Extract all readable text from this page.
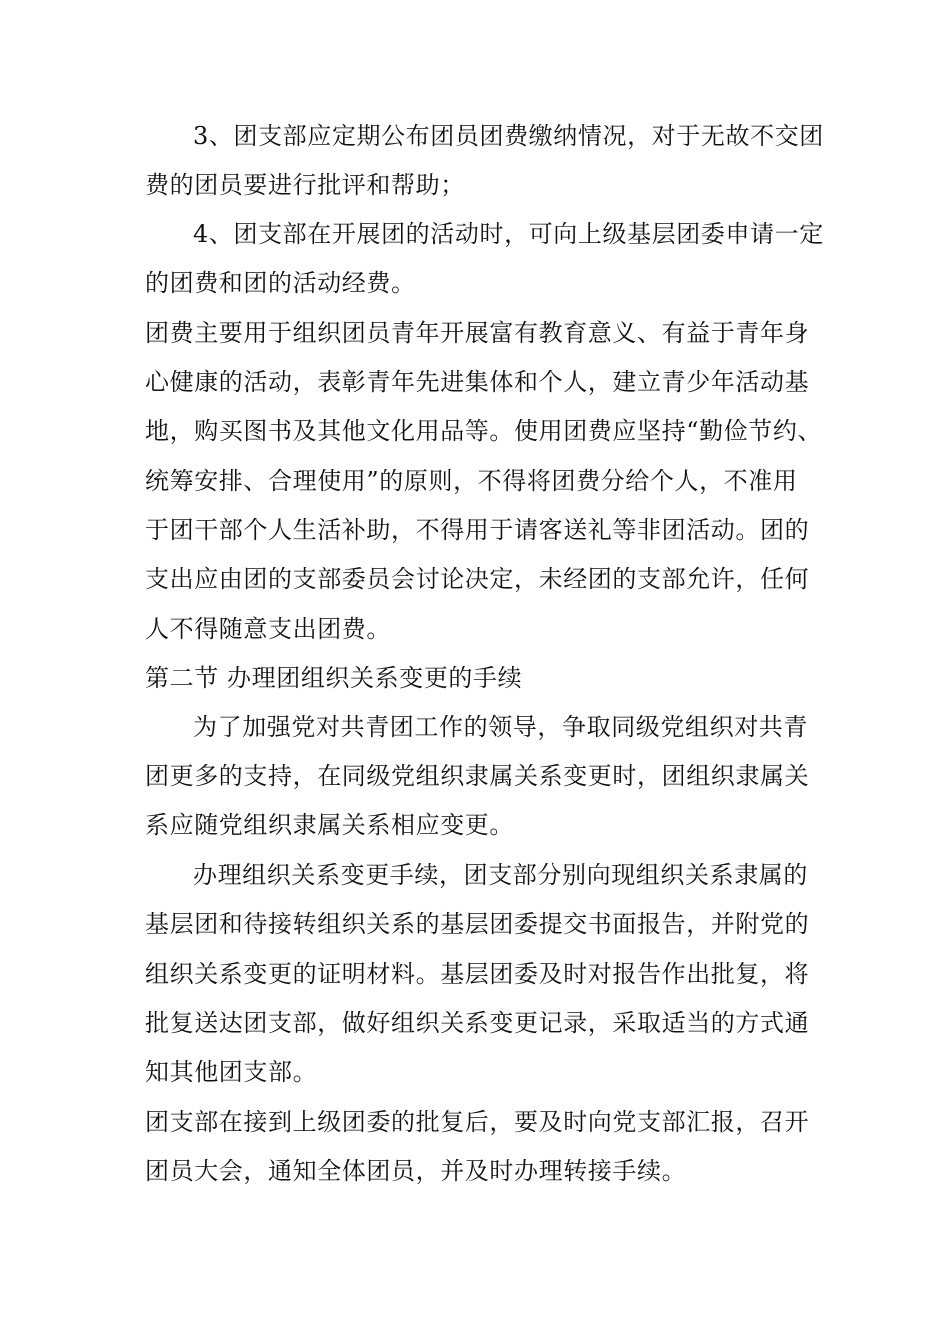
3、团支部应定期公布团员团费缴纳情况，对于无故不交团
费的团员要进行批评和帮助；
4、团支部在开展团的活动时，可向上级基层团委申请一定
的团费和团的活动经费。
团费主要用于组织团员青年开展富有教育意义、有益于青年身
心健康的活动，表彰青年先进集体和个人，建立青少年活动基
地，购买图书及其他文化用品等。使用团费应坚持“勤俭节约、
统筹安排、合理使用”的原则，不得将团费分给个人，不准用
于团干部个人生活补助，不得用于请客送礼等非团活动。团的
支出应由团的支部委员会讨论决定，未经团的支部允许，任何
人不得随意支出团费。
第二节 办理团组织关系变更的手续
为了加强党对共青团工作的领导，争取同级党组织对共青
团更多的支持，在同级党组织隶属关系变更时，团组织隶属关
系应随党组织隶属关系相应变更。
办理组织关系变更手续，团支部分别向现组织关系隶属的
基层团和待接转组织关系的基层团委提交书面报告，并附党的
组织关系变更的证明材料。基层团委及时对报告作出批复，将
批复送达团支部，做好组织关系变更记录，采取适当的方式通
知其他团支部。
团支部在接到上级团委的批复后，要及时向党支部汇报，召开
团员大会，通知全体团员，并及时办理转接手续。
